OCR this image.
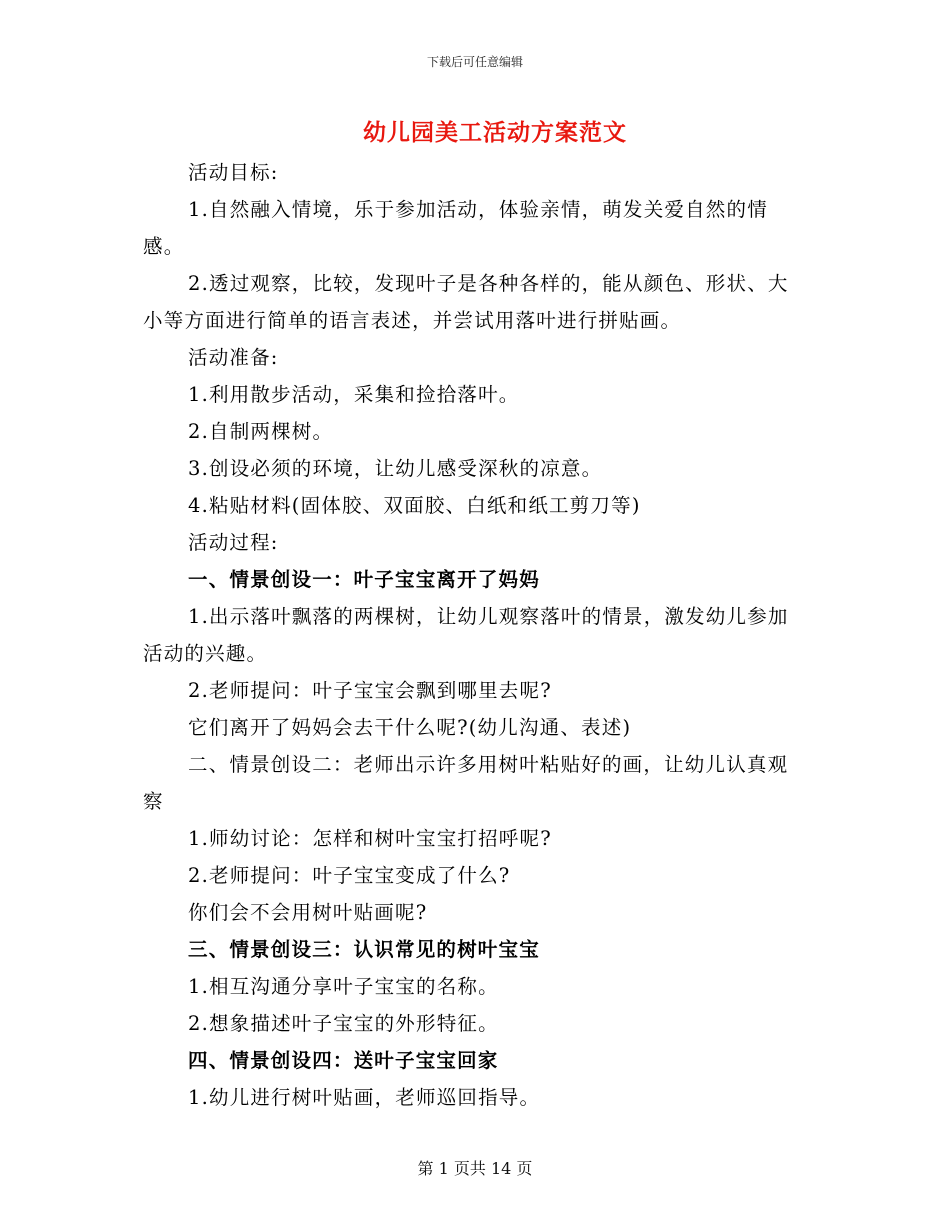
下载后可任意编辑
幼儿园美工活动方案范文

活动目标:

1.自然融入情境，乐于参加活动，体验亲情，萌发关爱自然的情感。

2.透过观察，比较，发现叶子是各种各样的，能从颜色、形状、大小等方面进行简单的语言表述，并尝试用落叶进行拼贴画。

活动准备:

1.利用散步活动，采集和捡拾落叶。

2.自制两棵树。

3.创设必须的环境，让幼儿感受深秋的凉意。

4.粘贴材料(固体胶、双面胶、白纸和纸工剪刀等)

活动过程:

一、情景创设一：叶子宝宝离开了妈妈

1.出示落叶飘落的两棵树，让幼儿观察落叶的情景，激发幼儿参加活动的兴趣。

2.老师提问：叶子宝宝会飘到哪里去呢?

它们离开了妈妈会去干什么呢?(幼儿沟通、表述)

二、情景创设二：老师出示许多用树叶粘贴好的画，让幼儿认真观察

1.师幼讨论：怎样和树叶宝宝打招呼呢?

2.老师提问：叶子宝宝变成了什么?

你们会不会用树叶贴画呢?

三、情景创设三：认识常见的树叶宝宝

1.相互沟通分享叶子宝宝的名称。

2.想象描述叶子宝宝的外形特征。

四、情景创设四：送叶子宝宝回家

1.幼儿进行树叶贴画，老师巡回指导。

第 1 页共 14 页
